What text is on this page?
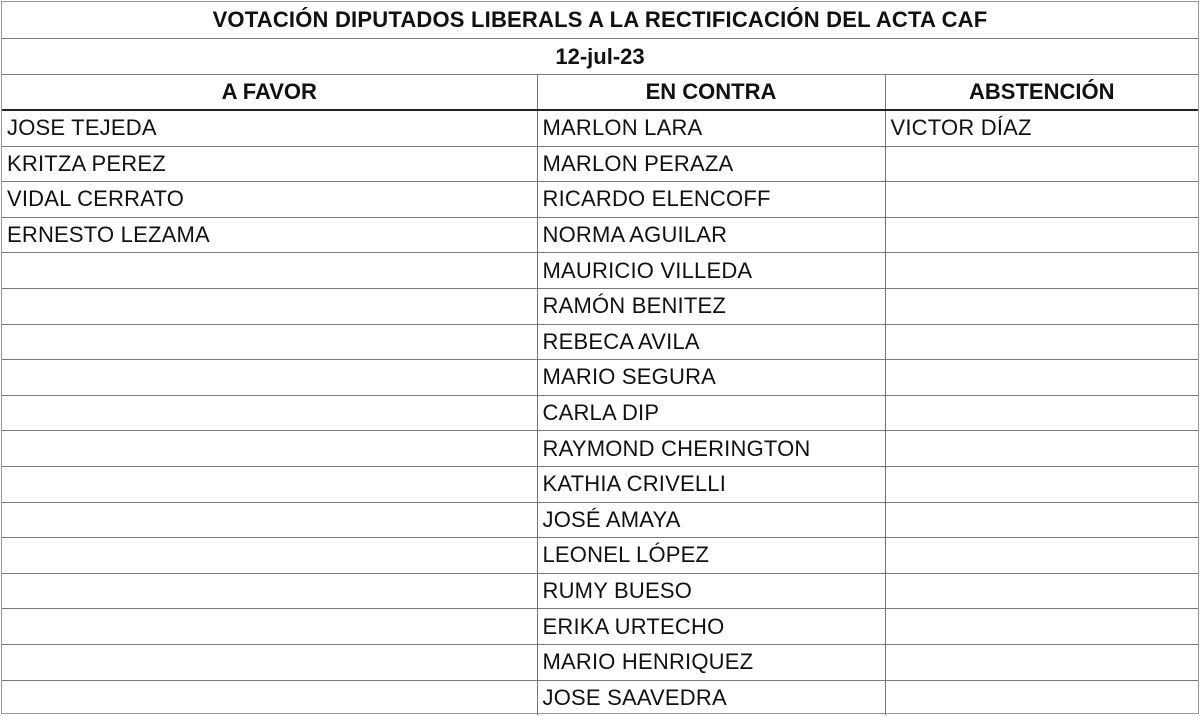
VOTACIÓN DIPUTADOS LIBERALS A LA RECTIFICACIÓN DEL ACTA CAF
12-jul-23
A FAVOR	EN CONTRA	ABSTENCIÓN
JOSE TEJEDA	MARLON LARA	VICTOR DÍAZ
KRITZA PEREZ	MARLON PERAZA	
VIDAL CERRATO	RICARDO ELENCOFF	
ERNESTO LEZAMA	NORMA AGUILAR	
	MAURICIO VILLEDA	
	RAMÓN BENITEZ	
	REBECA AVILA	
	MARIO SEGURA	
	CARLA DIP	
	RAYMOND CHERINGTON	
	KATHIA CRIVELLI	
	JOSÉ AMAYA	
	LEONEL LÓPEZ	
	RUMY BUESO	
	ERIKA URTECHO	
	MARIO HENRIQUEZ	
	JOSE SAAVEDRA	
